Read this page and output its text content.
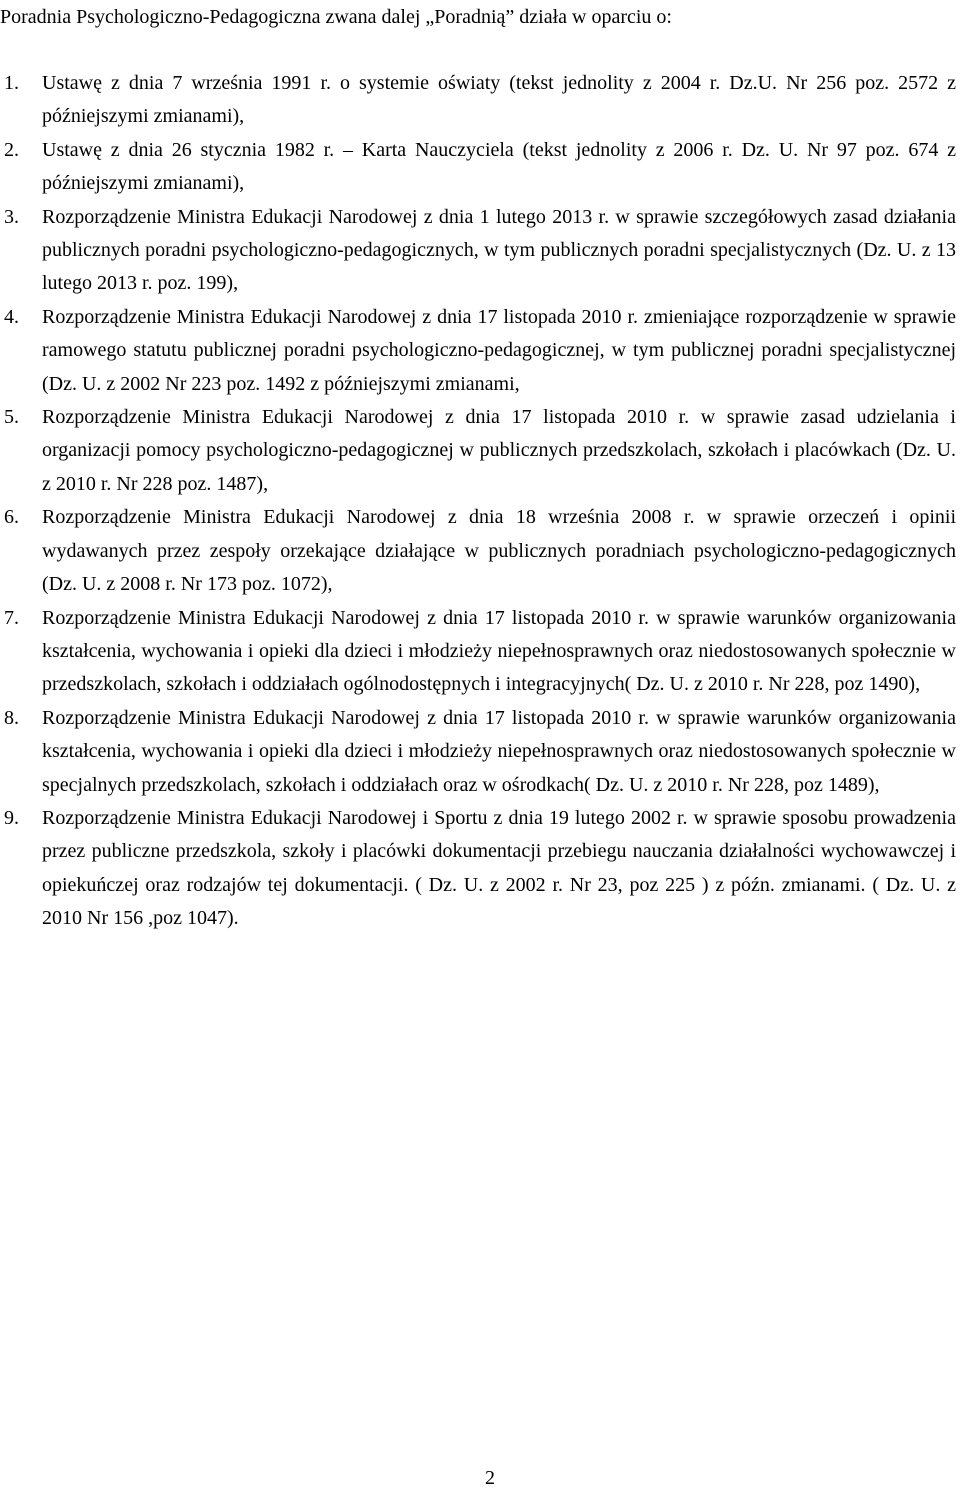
Poradnia Psychologiczno-Pedagogiczna zwana dalej „Poradnią” działa w oparciu o:

1. Ustawę z dnia 7 września 1991 r. o systemie oświaty (tekst jednolity z 2004 r. Dz.U. Nr 256 poz. 2572 z późniejszymi zmianami),
2. Ustawę z dnia 26 stycznia 1982 r. – Karta Nauczyciela (tekst jednolity z 2006 r. Dz. U. Nr 97 poz. 674 z późniejszymi zmianami),
3. Rozporządzenie Ministra Edukacji Narodowej z dnia 1 lutego 2013 r. w sprawie szczegółowych zasad działania publicznych poradni psychologiczno-pedagogicznych, w tym publicznych poradni specjalistycznych (Dz. U. z 13 lutego 2013 r. poz. 199),
4. Rozporządzenie Ministra Edukacji Narodowej z dnia 17 listopada 2010 r. zmieniające rozporządzenie w sprawie ramowego statutu publicznej poradni psychologiczno-pedagogicznej, w tym publicznej poradni specjalistycznej (Dz. U. z 2002 Nr 223 poz. 1492 z późniejszymi zmianami,
5. Rozporządzenie Ministra Edukacji Narodowej z dnia 17 listopada 2010 r. w sprawie zasad udzielania i organizacji pomocy psychologiczno-pedagogicznej w publicznych przedszkolach, szkołach i placówkach (Dz. U. z 2010 r. Nr 228 poz. 1487),
6. Rozporządzenie Ministra Edukacji Narodowej z dnia 18 września 2008 r. w sprawie orzeczeń i opinii wydawanych przez zespoły orzekające działające w publicznych poradniach psychologiczno-pedagogicznych (Dz. U. z 2008 r. Nr 173 poz. 1072),
7. Rozporządzenie Ministra Edukacji Narodowej z dnia 17 listopada 2010 r. w sprawie warunków organizowania kształcenia, wychowania i opieki dla dzieci i młodzieży niepełnosprawnych oraz niedostosowanych społecznie w przedszkolach, szkołach i oddziałach ogólnodostępnych i integracyjnych( Dz. U. z 2010 r. Nr 228, poz 1490),
8. Rozporządzenie Ministra Edukacji Narodowej z dnia 17 listopada 2010 r. w sprawie warunków organizowania kształcenia, wychowania i opieki dla dzieci i młodzieży niepełnosprawnych oraz niedostosowanych społecznie w specjalnych przedszkolach, szkołach i oddziałach oraz w ośrodkach( Dz. U. z 2010 r. Nr 228, poz 1489),
9. Rozporządzenie Ministra Edukacji Narodowej i Sportu z dnia 19 lutego 2002 r. w sprawie sposobu prowadzenia przez publiczne przedszkola, szkoły i placówki dokumentacji przebiegu nauczania działalności wychowawczej i opiekuńczej oraz rodzajów tej dokumentacji. ( Dz. U. z 2002 r. Nr 23, poz 225 ) z późn. zmianami. ( Dz. U. z 2010 Nr 156 ,poz 1047).
2
